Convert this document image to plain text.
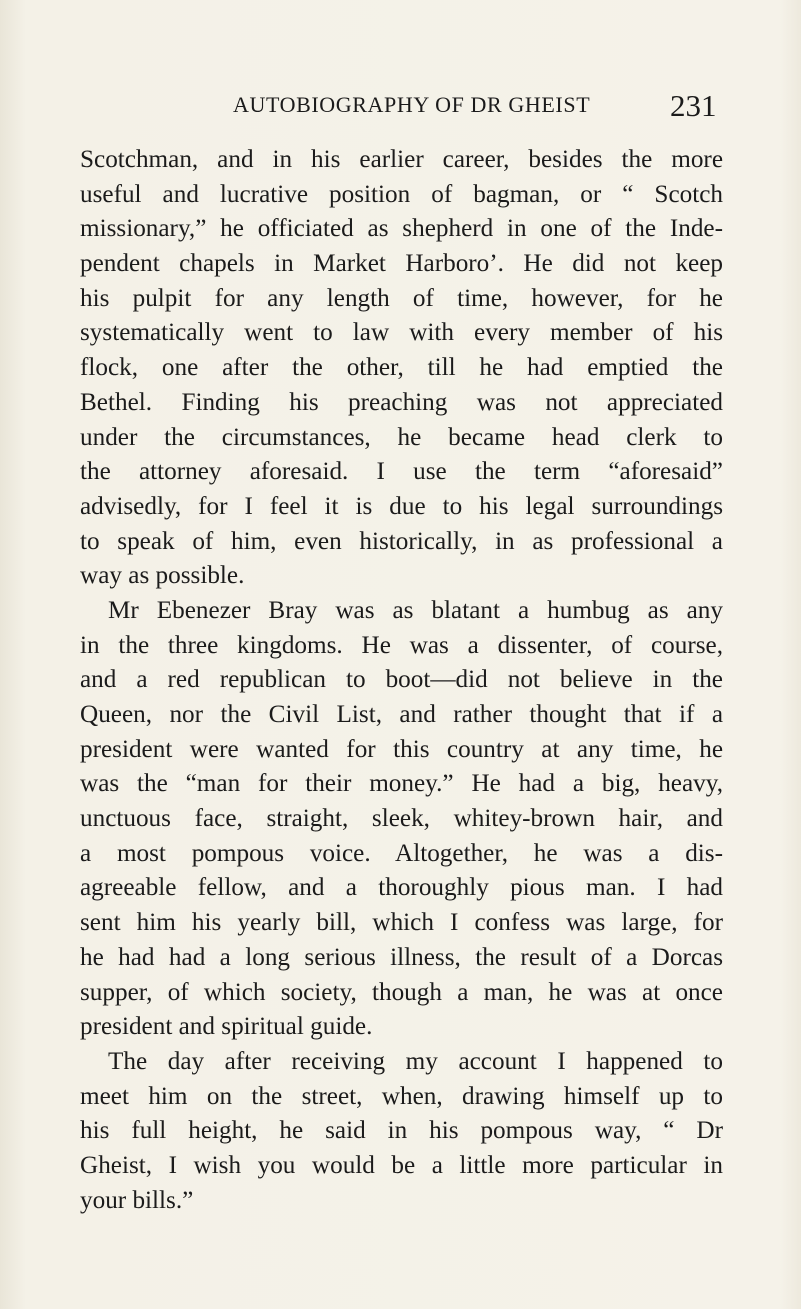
AUTOBIOGRAPHY OF DR GHEIST	231
Scotchman, and in his earlier career, besides the more
useful and lucrative position of bagman, or “ Scotch
missionary,” he officiated as shepherd in one of the Inde-
pendent chapels in Market Harboro’. He did not keep
his pulpit for any length of time, however, for he
systematically went to law with every member of his
flock, one after the other, till he had emptied the
Bethel. Finding his preaching was not appreciated
under the circumstances, he became head clerk to
the attorney aforesaid. I use the term “aforesaid”
advisedly, for I feel it is due to his legal surroundings
to speak of him, even historically, in as professional a
way as possible.
Mr Ebenezer Bray was as blatant a humbug as any
in the three kingdoms. He was a dissenter, of course,
and a red republican to boot—did not believe in the
Queen, nor the Civil List, and rather thought that if a
president were wanted for this country at any time, he
was the “man for their money.” He had a big, heavy,
unctuous face, straight, sleek, whitey-brown hair, and
a most pompous voice. Altogether, he was a dis-
agreeable fellow, and a thoroughly pious man. I had
sent him his yearly bill, which I confess was large, for
he had had a long serious illness, the result of a Dorcas
supper, of which society, though a man, he was at once
president and spiritual guide.
The day after receiving my account I happened to
meet him on the street, when, drawing himself up to
his full height, he said in his pompous way, “ Dr
Gheist, I wish you would be a little more particular in
your bills.”
